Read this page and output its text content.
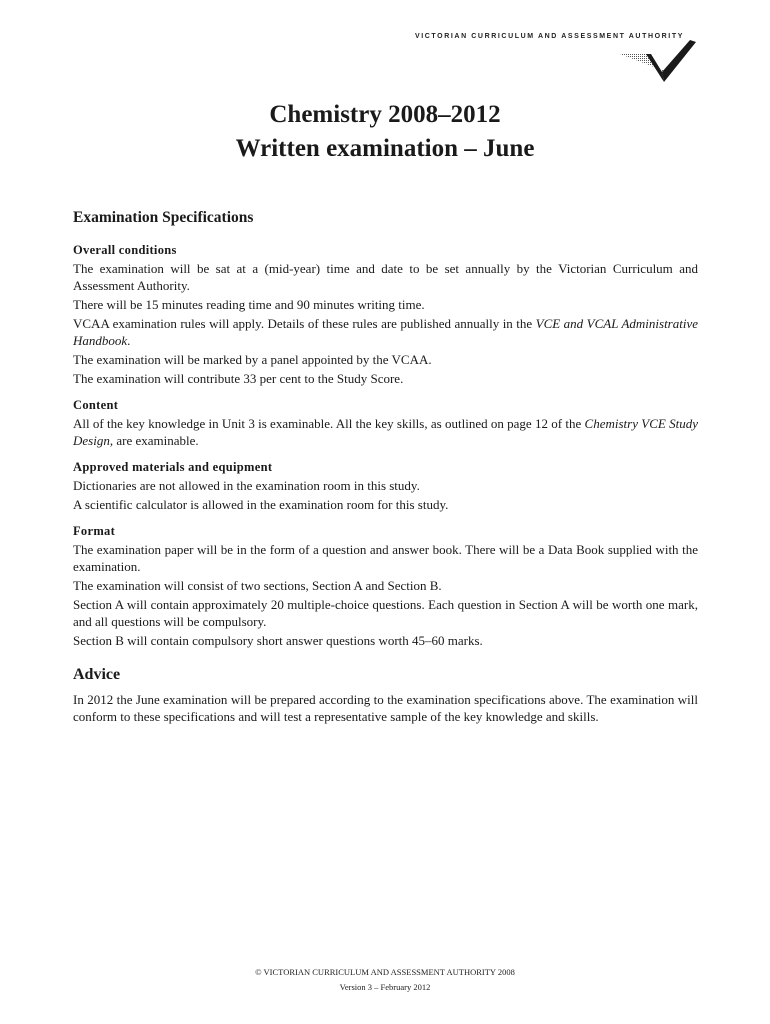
VICTORIAN CURRICULUM AND ASSESSMENT AUTHORITY
Chemistry 2008–2012
Written examination – June
Examination Specifications
Overall conditions
The examination will be sat at a (mid-year) time and date to be set annually by the Victorian Curriculum and Assessment Authority.
There will be 15 minutes reading time and 90 minutes writing time.
VCAA examination rules will apply. Details of these rules are published annually in the VCE and VCAL Administrative Handbook.
The examination will be marked by a panel appointed by the VCAA.
The examination will contribute 33 per cent to the Study Score.
Content
All of the key knowledge in Unit 3 is examinable. All the key skills, as outlined on page 12 of the Chemistry VCE Study Design, are examinable.
Approved materials and equipment
Dictionaries are not allowed in the examination room in this study.
A scientific calculator is allowed in the examination room for this study.
Format
The examination paper will be in the form of a question and answer book. There will be a Data Book supplied with the examination.
The examination will consist of two sections, Section A and Section B.
Section A will contain approximately 20 multiple-choice questions. Each question in Section A will be worth one mark, and all questions will be compulsory.
Section B will contain compulsory short answer questions worth 45–60 marks.
Advice
In 2012 the June examination will be prepared according to the examination specifications above. The examination will conform to these specifications and will test a representative sample of the key knowledge and skills.
© VICTORIAN CURRICULUM AND ASSESSMENT AUTHORITY 2008
Version 3 – February 2012
